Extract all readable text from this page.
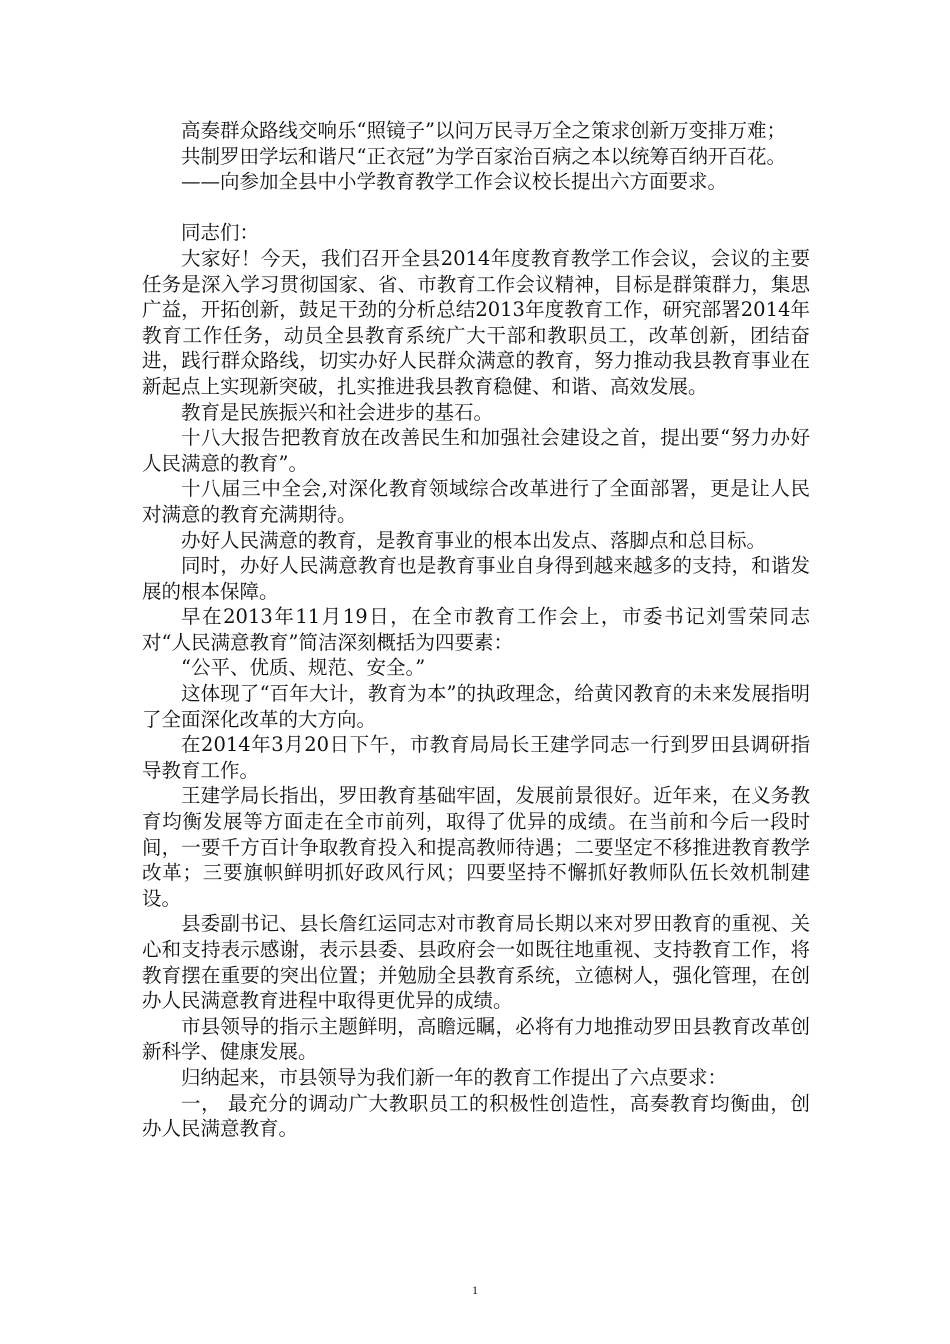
高奏群众路线交响乐“照镜子”以问万民寻万全之策求创新万变排万难；

共制罗田学坛和谐尺“正衣冠”为学百家治百病之本以统筹百纳开百花。

——向参加全县中小学教育教学工作会议校长提出六方面要求。

同志们：

大家好！今天，我们召开全县2014年度教育教学工作会议，会议的主要任务是深入学习贯彻国家、省、市教育工作会议精神，目标是群策群力，集思广益，开拓创新，鼓足干劲的分析总结2013年度教育工作，研究部署2014年教育工作任务，动员全县教育系统广大干部和教职员工，改革创新，团结奋进，践行群众路线，切实办好人民群众满意的教育，努力推动我县教育事业在新起点上实现新突破，扎实推进我县教育稳健、和谐、高效发展。

教育是民族振兴和社会进步的基石。

十八大报告把教育放在改善民生和加强社会建设之首，提出要“努力办好人民满意的教育”。

十八届三中全会,对深化教育领域综合改革进行了全面部署，更是让人民对满意的教育充满期待。

办好人民满意的教育，是教育事业的根本出发点、落脚点和总目标。

同时，办好人民满意教育也是教育事业自身得到越来越多的支持，和谐发展的根本保障。

早在2013年11月19日，在全市教育工作会上，市委书记刘雪荣同志对“人民满意教育”简洁深刻概括为四要素：

“公平、优质、规范、安全。”

这体现了“百年大计，教育为本”的执政理念，给黄冈教育的未来发展指明了全面深化改革的大方向。

在2014年3月20日下午，市教育局局长王建学同志一行到罗田县调研指导教育工作。

王建学局长指出，罗田教育基础牢固，发展前景很好。近年来，在义务教育均衡发展等方面走在全市前列，取得了优异的成绩。在当前和今后一段时间，一要千方百计争取教育投入和提高教师待遇；二要坚定不移推进教育教学改革；三要旗帜鲜明抓好政风行风；四要坚持不懈抓好教师队伍长效机制建设。

县委副书记、县长詹红运同志对市教育局长期以来对罗田教育的重视、关心和支持表示感谢，表示县委、县政府会一如既往地重视、支持教育工作，将教育摆在重要的突出位置；并勉励全县教育系统，立德树人，强化管理，在创办人民满意教育进程中取得更优异的成绩。

市县领导的指示主题鲜明，高瞻远瞩，必将有力地推动罗田县教育改革创新科学、健康发展。

归纳起来，市县领导为我们新一年的教育工作提出了六点要求：

一， 最充分的调动广大教职员工的积极性创造性，高奏教育均衡曲，创办人民满意教育。

1
